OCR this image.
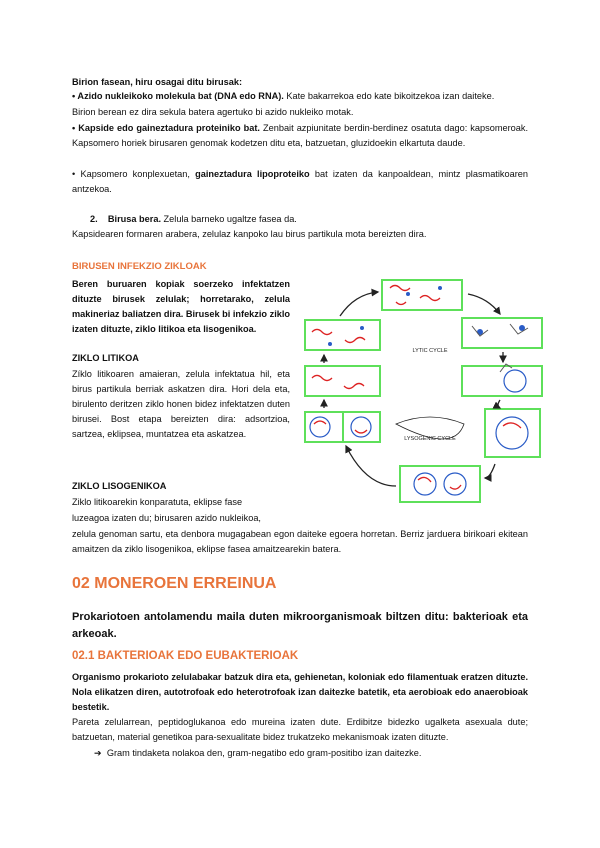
Birion fasean, hiru osagai ditu birusak:

• Azido nukleikoko molekula bat (DNA edo RNA). Kate bakarrekoa edo kate bikoitzekoa izan daiteke.

Birion berean ez dira sekula batera agertuko bi azido nukleiko motak.

• Kapside edo gaineztadura proteiniko bat. Zenbait azpiunitate berdin-berdinez osatuta dago: kapsomeroak. Kapsomero horiek birusaren genomak kodetzen ditu eta, batzuetan, gluzidoekin elkartuta daude.

• Kapsomero konplexuetan, gaineztadura lipoproteiko bat izaten da kanpoaldean, mintz plasmatikoaren antzekoa.

2. Birusa bera. Zelula barneko ugaltze fasea da.

Kapsidearen formaren arabera, zelulaz kanpoko lau birus partikula mota bereizten dira.

BIRUSEN INFEKZIO ZIKLOAK

Beren buruaren kopiak soerzeko infektatzen dituzte birusek zelulak; horretarako, zelula makineriaz baliatzen dira. Birusek bi infekzio ziklo izaten dituzte, ziklo litikoa eta lisogenikoa.

ZIKLO LITIKOA

Zíklo litikoaren amaieran, zelula infektatua hil, eta birus partikula berriak askatzen dira. Hori dela eta, birulento deritzen ziklo honen bidez infektatzen duten birusei. Bost etapa bereizten dira: adsortzioa, sartzea, eklipsea, muntatzea eta askatzea.

ZIKLO LISOGENIKOA

Ziklo litikoarekin konparatuta, eklipse fase

luzeagoa izaten du; birusaren azido nukleikoa,

zelula genoman sartu, eta denbora mugagabean egon daiteke egoera horretan. Berriz jarduera birikoari ekitean amaitzen da ziklo lisogenikoa, eklipse fasea amaitzearekin batera.

LYTIC CYCLE
LYSOGENIC CYCLE
02 MONEROEN ERREINUA

Prokariotoen antolamendu maila duten mikroorganismoak biltzen ditu: bakterioak eta arkeoak.

02.1 BAKTERIOAK EDO EUBAKTERIOAK

Organismo prokarioto zelulabakar batzuk dira eta, gehienetan, koloniak edo filamentuak eratzen dituzte. Nola elikatzen diren, autotrofoak edo heterotrofoak izan daitezke batetik, eta aerobioak edo anaerobioak bestetik.

Pareta zelularrean, peptidoglukanoa edo mureina izaten dute. Erdibitze bidezko ugalketa asexuala dute; batzuetan, material genetikoa para-sexualitate bidez trukatzeko mekanismoak izaten dituzte.

➔ Gram tindaketa nolakoa den, gram-negatibo edo gram-positibo izan daitezke.
